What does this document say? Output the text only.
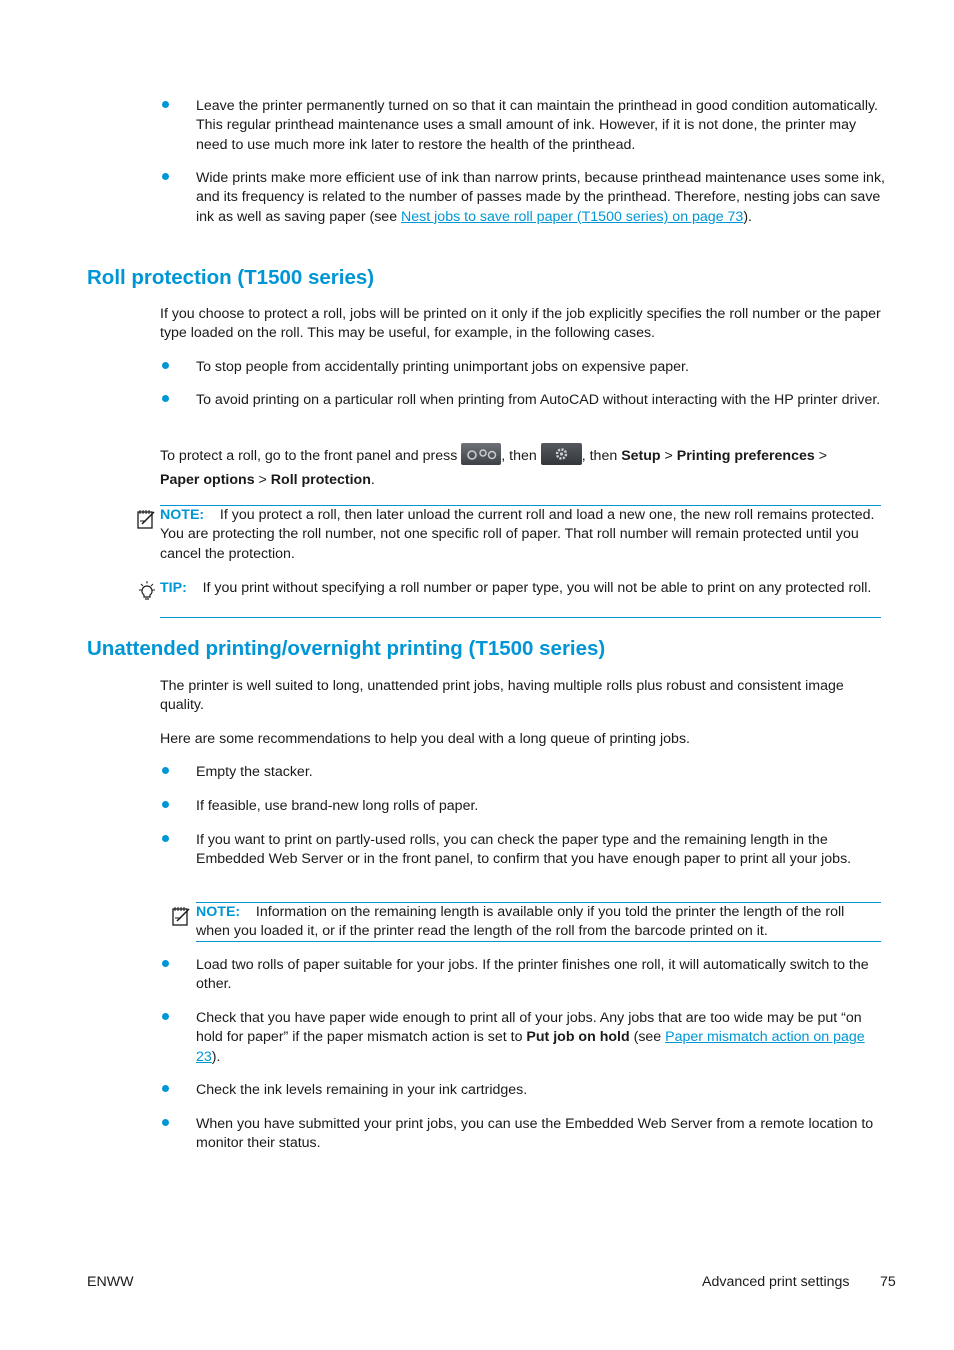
Leave the printer permanently turned on so that it can maintain the printhead in good condition automatically. This regular printhead maintenance uses a small amount of ink. However, if it is not done, the printer may need to use much more ink later to restore the health of the printhead.
Wide prints make more efficient use of ink than narrow prints, because printhead maintenance uses some ink, and its frequency is related to the number of passes made by the printhead. Therefore, nesting jobs can save ink as well as saving paper (see Nest jobs to save roll paper (T1500 series) on page 73).
Roll protection (T1500 series)
If you choose to protect a roll, jobs will be printed on it only if the job explicitly specifies the roll number or the paper type loaded on the roll. This may be useful, for example, in the following cases.
To stop people from accidentally printing unimportant jobs on expensive paper.
To avoid printing on a particular roll when printing from AutoCAD without interacting with the HP printer driver.
To protect a roll, go to the front panel and press	, then	, then Setup > Printing preferences >
Paper options > Roll protection.
NOTE: If you protect a roll, then later unload the current roll and load a new one, the new roll remains protected. You are protecting the roll number, not one specific roll of paper. That roll number will remain protected until you cancel the protection.
TIP: If you print without specifying a roll number or paper type, you will not be able to print on any protected roll.
Unattended printing/overnight printing (T1500 series)
The printer is well suited to long, unattended print jobs, having multiple rolls plus robust and consistent image quality.
Here are some recommendations to help you deal with a long queue of printing jobs.
Empty the stacker.
If feasible, use brand-new long rolls of paper.
If you want to print on partly-used rolls, you can check the paper type and the remaining length in the Embedded Web Server or in the front panel, to confirm that you have enough paper to print all your jobs.
NOTE: Information on the remaining length is available only if you told the printer the length of the roll when you loaded it, or if the printer read the length of the roll from the barcode printed on it.
Load two rolls of paper suitable for your jobs. If the printer finishes one roll, it will automatically switch to the other.
Check that you have paper wide enough to print all of your jobs. Any jobs that are too wide may be put “on hold for paper” if the paper mismatch action is set to Put job on hold (see Paper mismatch action on page 23).
Check the ink levels remaining in your ink cartridges.
When you have submitted your print jobs, you can use the Embedded Web Server from a remote location to monitor their status.
ENWW	Advanced print settings 75
